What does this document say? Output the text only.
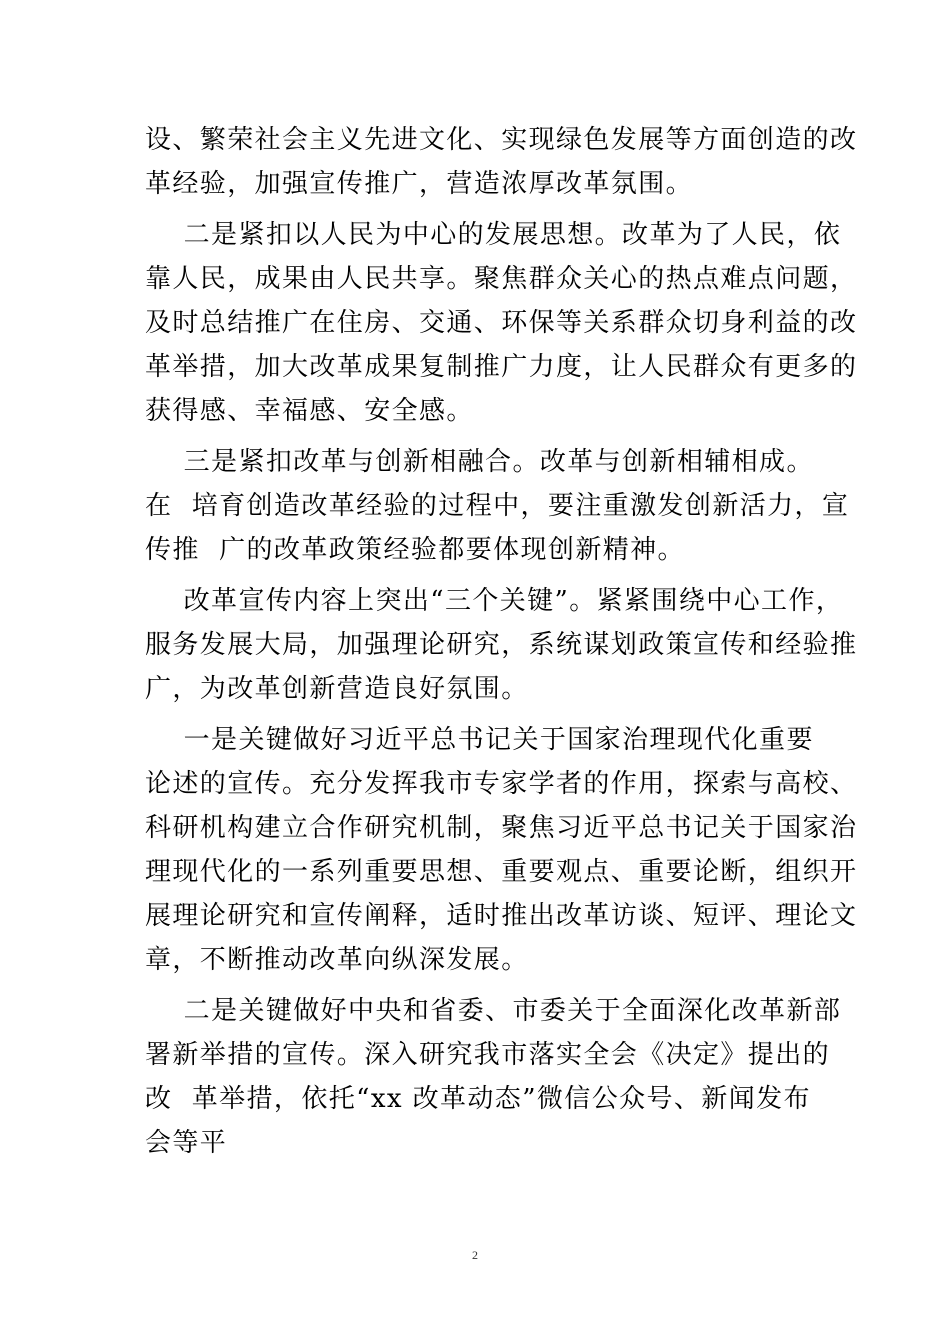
设、繁荣社会主义先进文化、实现绿色发展等方面创造的改
革经验，加强宣传推广，营造浓厚改革氛围。
二是紧扣以人民为中心的发展思想。改革为了人民，依
靠人民，成果由人民共享。聚焦群众关心的热点难点问题，
及时总结推广在住房、交通、环保等关系群众切身利益的改
革举措，加大改革成果复制推广力度，让人民群众有更多的
获得感、幸福感、安全感。
三是紧扣改革与创新相融合。改革与创新相辅相成。
在  培育创造改革经验的过程中，要注重激发创新活力，宣
传推  广的改革政策经验都要体现创新精神。
改革宣传内容上突出“三个关键”。紧紧围绕中心工作，
服务发展大局，加强理论研究，系统谋划政策宣传和经验推
广，为改革创新营造良好氛围。
一是关键做好习近平总书记关于国家治理现代化重要
论述的宣传。充分发挥我市专家学者的作用，探索与高校、
科研机构建立合作研究机制，聚焦习近平总书记关于国家治
理现代化的一系列重要思想、重要观点、重要论断，组织开
展理论研究和宣传阐释，适时推出改革访谈、短评、理论文
章，不断推动改革向纵深发展。
二是关键做好中央和省委、市委关于全面深化改革新部
署新举措的宣传。深入研究我市落实全会《决定》提出的
改  革举措，依托“xx 改革动态”微信公众号、新闻发布
会等平
2
